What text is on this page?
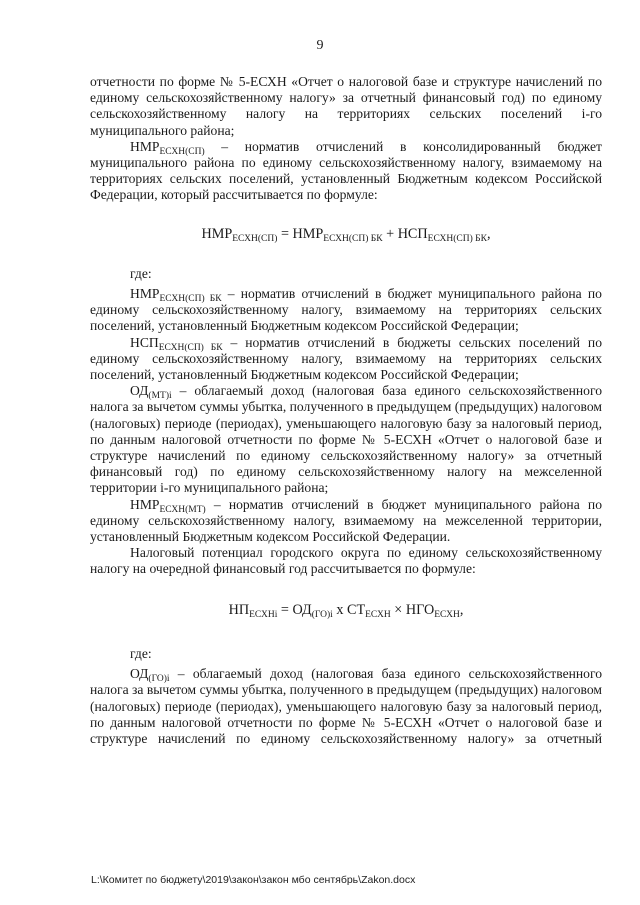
9

отчетности по форме № 5-ЕСХН «Отчет о налоговой базе и структуре начислений по единому сельскохозяйственному налогу» за отчетный финансовый год) по единому сельскохозяйственному налогу на территориях сельских поселений i-го муниципального района;

$НМР_{ЕСХН(СП)}$ – норматив отчислений в консолидированный бюджет муниципального района по единому сельскохозяйственному налогу, взимаемому на территориях сельских поселений, установленный Бюджетным кодексом Российской Федерации, который рассчитывается по формуле:

$НМР_{ЕСХН(СП)} = НМР_{ЕСХН(СП) БК} + НСП_{ЕСХН(СП) БК}$,

где:

$НМР_{ЕСХН(СП) БК}$ – норматив отчислений в бюджет муниципального района по единому сельскохозяйственному налогу, взимаемому на территориях сельских поселений, установленный Бюджетным кодексом Российской Федерации;

$НСП_{ЕСХН(СП) БК}$ – норматив отчислений в бюджеты сельских поселений по единому сельскохозяйственному налогу, взимаемому на территориях сельских поселений, установленный Бюджетным кодексом Российской Федерации;

$ОД_{(МТ)i}$ – облагаемый доход (налоговая база единого сельскохозяйственного налога за вычетом суммы убытка, полученного в предыдущем (предыдущих) налоговом (налоговых) периоде (периодах), уменьшающего налоговую базу за налоговый период, по данным налоговой отчетности по форме № 5-ЕСХН «Отчет о налоговой базе и структуре начислений по единому сельскохозяйственному налогу» за отчетный финансовый год) по единому сельскохозяйственному налогу на межселенной территории i-го муниципального района;

$НМР_{ЕСХН(МТ)}$ – норматив отчислений в бюджет муниципального района по единому сельскохозяйственному налогу, взимаемому на межселенной территории, установленный Бюджетным кодексом Российской Федерации.

Налоговый потенциал городского округа по единому сельскохозяйственному налогу на очередной финансовый год рассчитывается по формуле:

$НП_{ЕСХНi} = ОД_{(ГО)i}$ х $СТ_{ЕСХН} \times НГО_{ЕСХН}$,

где:

$ОД_{(ГО)i}$ – облагаемый доход (налоговая база единого сельскохозяйственного налога за вычетом суммы убытка, полученного в предыдущем (предыдущих) налоговом (налоговых) периоде (периодах), уменьшающего налоговую базу за налоговый период, по данным налоговой отчетности по форме № 5-ЕСХН «Отчет о налоговой базе и структуре начислений по единому сельскохозяйственному налогу» за отчетный

L:\Комитет по бюджету\2019\закон\закон мбо сентябрь\Zakon.docx
